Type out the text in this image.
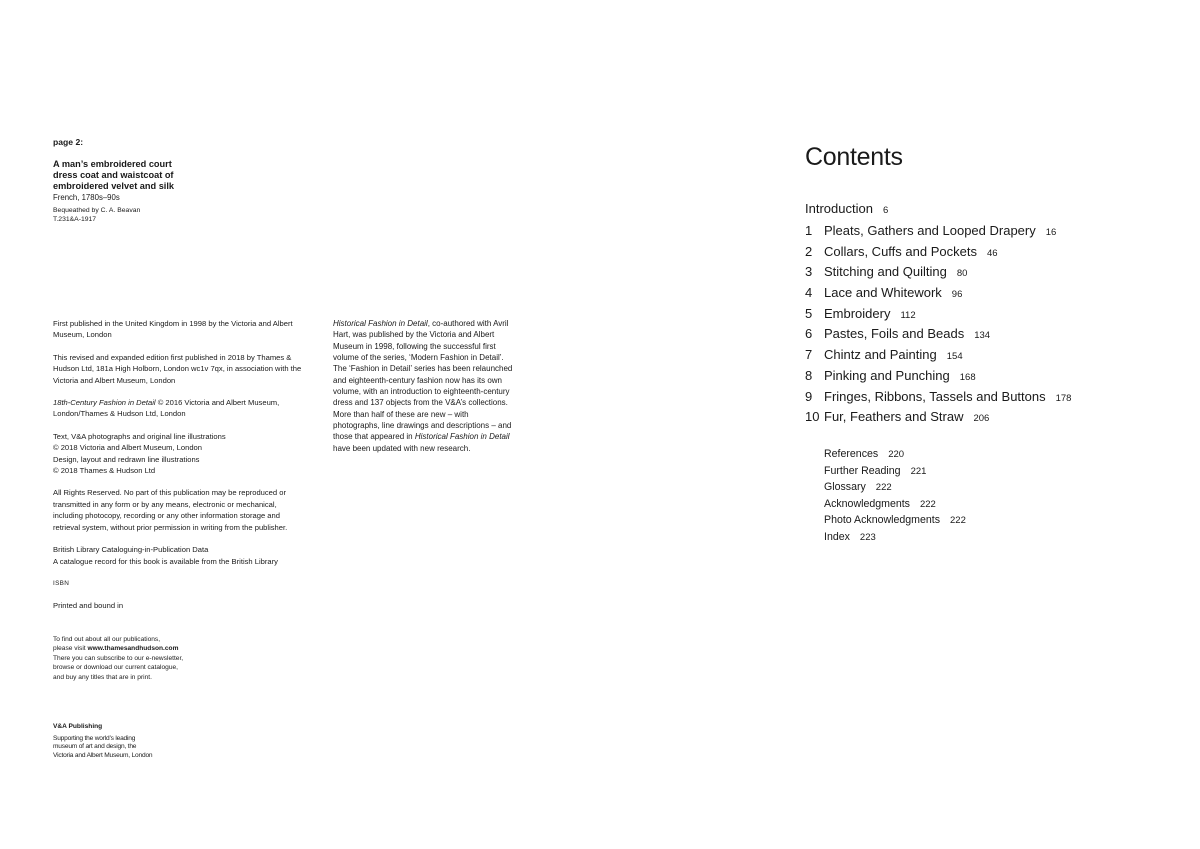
page 2:
A man’s embroidered court dress coat and waistcoat of embroidered velvet and silk
French, 1780s–90s
Bequeathed by C. A. Beavan
T.231&A-1917

First published in the United Kingdom in 1998 by the Victoria and Albert Museum, London

This revised and expanded edition first published in 2018 by Thames & Hudson Ltd, 181a High Holborn, London wc1v 7qx, in association with the Victoria and Albert Museum, London

18th-Century Fashion in Detail © 2016 Victoria and Albert Museum, London/Thames & Hudson Ltd, London

Text, V&A photographs and original line illustrations
© 2018 Victoria and Albert Museum, London
Design, layout and redrawn line illustrations
© 2018 Thames & Hudson Ltd

All Rights Reserved. No part of this publication may be reproduced or transmitted in any form or by any means, electronic or mechanical, including photocopy, recording or any other information storage and retrieval system, without prior permission in writing from the publisher.

British Library Cataloguing-in-Publication Data
A catalogue record for this book is available from the British Library

ISBN

Printed and bound in

To find out about all our publications,
please visit www.thamesandhudson.com
There you can subscribe to our e-newsletter,
browse or download our current catalogue,
and buy any titles that are in print.
V&A Publishing
Supporting the world’s leading museum of art and design, the Victoria and Albert Museum, London
Historical Fashion in Detail, co-authored with Avril Hart, was published by the Victoria and Albert Museum in 1998, following the successful first volume of the series, ‘Modern Fashion in Detail’. The ‘Fashion in Detail’ series has been relaunched and eighteenth-century fashion now has its own volume, with an introduction to eighteenth-century dress and 137 objects from the V&A’s collections. More than half of these are new – with photographs, line drawings and descriptions – and those that appeared in Historical Fashion in Detail have been updated with new research.
Contents
Introduction 6
1 Pleats, Gathers and Looped Drapery 16
2 Collars, Cuffs and Pockets 46
3 Stitching and Quilting 80
4 Lace and Whitework 96
5 Embroidery 112
6 Pastes, Foils and Beads 134
7 Chintz and Painting 154
8 Pinking and Punching 168
9 Fringes, Ribbons, Tassels and Buttons 178
10 Fur, Feathers and Straw 206
References 220
Further Reading 221
Glossary 222
Acknowledgments 222
Photo Acknowledgments 222
Index 223
